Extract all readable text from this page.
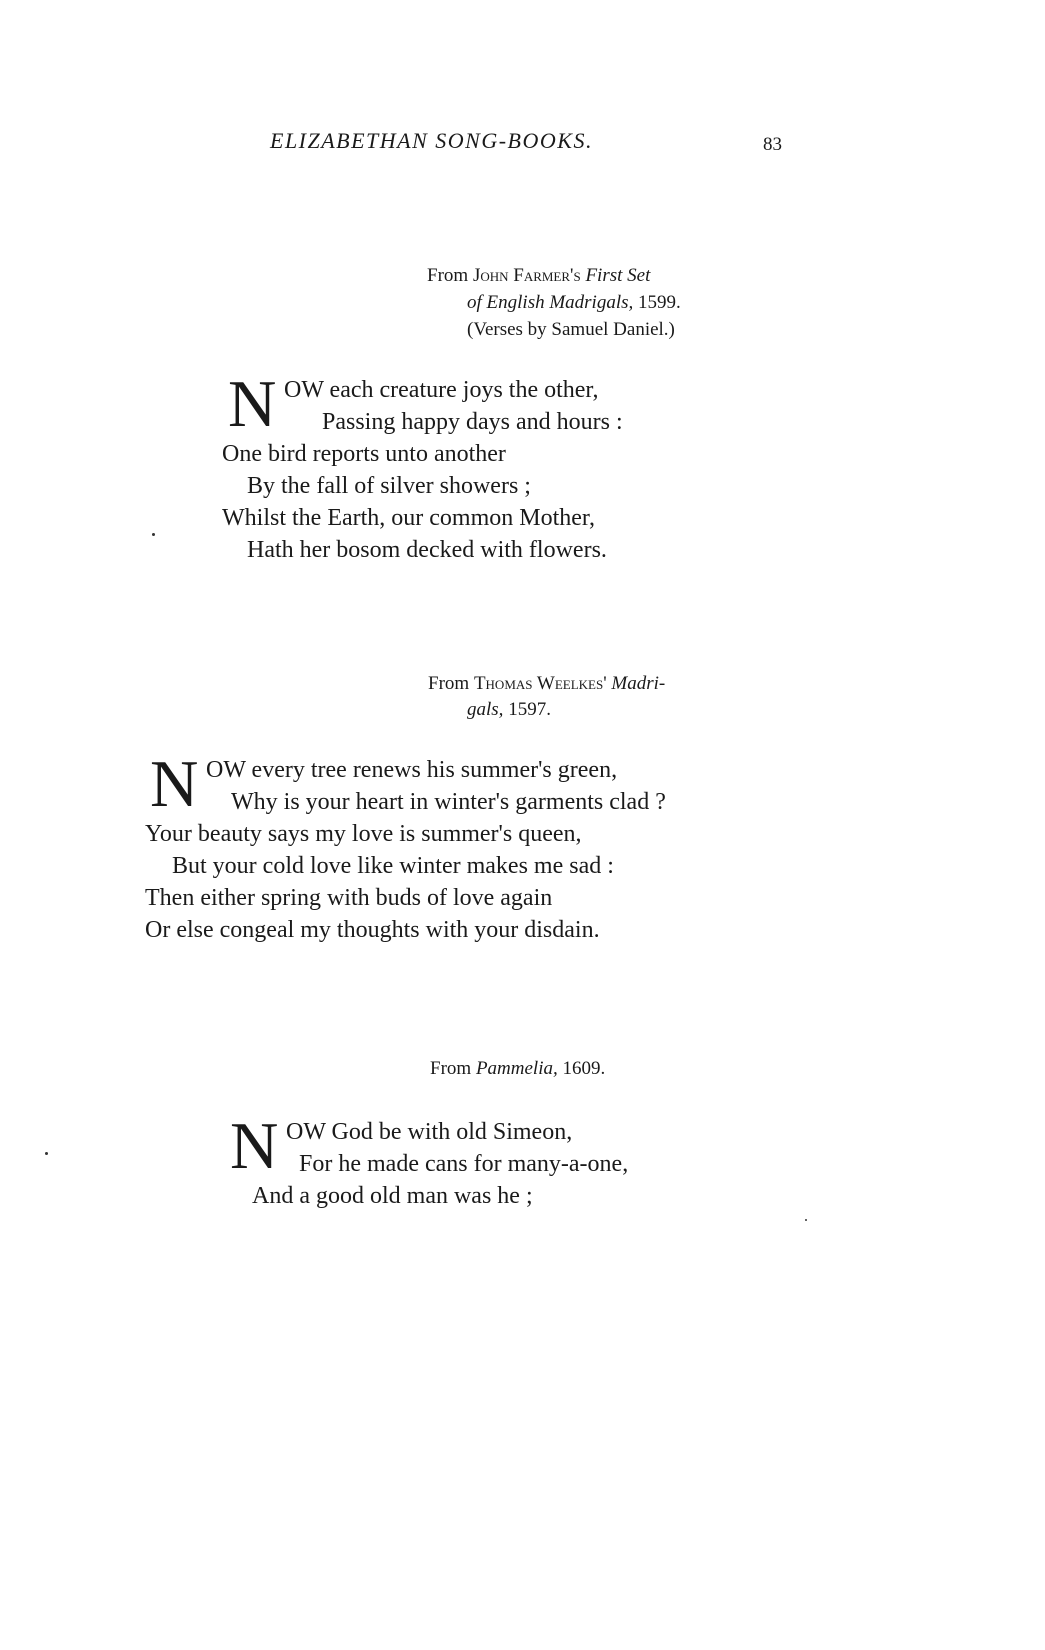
ELIZABETHAN SONG-BOOKS.	83
From John Farmer's First Set
of English Madrigals, 1599.
(Verses by Samuel Daniel.)
N OW each creature joys the other,
Passing happy days and hours :
One bird reports unto another
By the fall of silver showers ;
Whilst the Earth, our common Mother,
Hath her bosom decked with flowers.
From Thomas Weelkes' Madri-
gals, 1597.
N OW every tree renews his summer's green,
Why is your heart in winter's garments clad ?
Your beauty says my love is summer's queen,
But your cold love like winter makes me sad :
Then either spring with buds of love again
Or else congeal my thoughts with your disdain.
From Pammelia, 1609.
N OW God be with old Simeon,
For he made cans for many-a-one,
And a good old man was he ;
